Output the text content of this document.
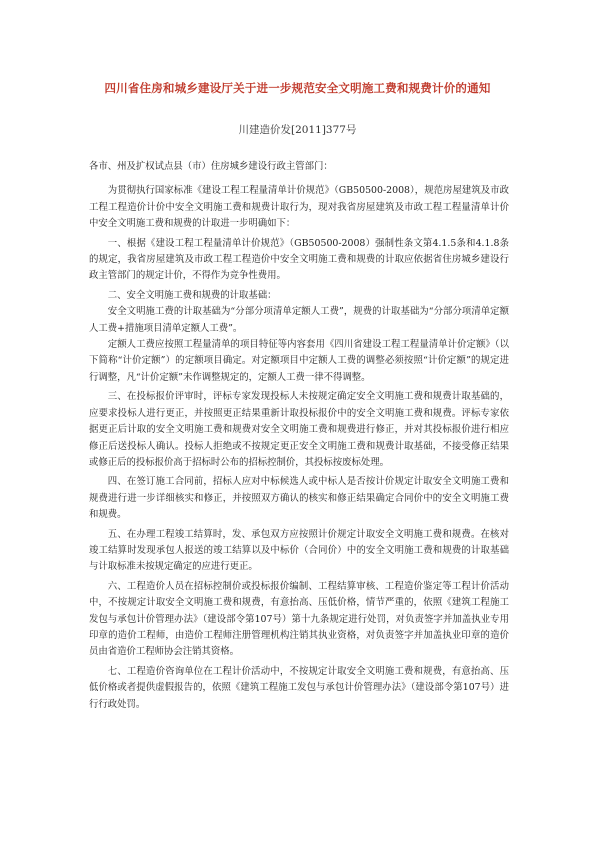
四川省住房和城乡建设厅关于进一步规范安全文明施工费和规费计价的通知
川建造价发[2011]377号

各市、州及扩权试点县（市）住房城乡建设行政主管部门：

为贯彻执行国家标准《建设工程工程量清单计价规范》（GB50500-2008），规范房屋建筑及市政工程工程造价计价中安全文明施工费和规费计取行为，现对我省房屋建筑及市政工程工程量清单计价中安全文明施工费和规费的计取进一步明确如下：

一、根据《建设工程工程量清单计价规范》（GB50500-2008）强制性条文第4.1.5条和4.1.8条的规定，我省房屋建筑及市政工程工程造价中安全文明施工费和规费的计取应依据省住房城乡建设行政主管部门的规定计价，不得作为竞争性费用。

二、安全文明施工费和规费的计取基础：

安全文明施工费的计取基础为“分部分项清单定额人工费”，规费的计取基础为“分部分项清单定额人工费+措施项目清单定额人工费”。

定额人工费应按照工程量清单的项目特征等内容套用《四川省建设工程工程量清单计价定额》（以下简称“计价定额”）的定额项目确定。对定额项目中定额人工费的调整必须按照“计价定额”的规定进行调整，凡“计价定额”未作调整规定的，定额人工费一律不得调整。

三、在投标报价评审时，评标专家发现投标人未按规定确定安全文明施工费和规费计取基础的，应要求投标人进行更正，并按照更正结果重新计取投标报价中的安全文明施工费和规费。评标专家依据更正后计取的安全文明施工费和规费对安全文明施工费和规费进行修正，并对其投标报价进行相应修正后送投标人确认。投标人拒绝或不按规定更正安全文明施工费和规费计取基础，不接受修正结果或修正后的投标报价高于招标时公布的招标控制价，其投标按废标处理。

四、在签订施工合同前，招标人应对中标候选人或中标人是否按计价规定计取安全文明施工费和规费进行进一步详细核实和修正，并按照双方确认的核实和修正结果确定合同价中的安全文明施工费和规费。

五、在办理工程竣工结算时，发、承包双方应按照计价规定计取安全文明施工费和规费。在核对竣工结算时发现承包人报送的竣工结算以及中标价（合同价）中的安全文明施工费和规费的计取基础与计取标准未按规定确定的应进行更正。

六、工程造价人员在招标控制价或投标报价编制、工程结算审核、工程造价鉴定等工程计价活动中，不按规定计取安全文明施工费和规费，有意抬高、压低价格，情节严重的，依照《建筑工程施工发包与承包计价管理办法》（建设部令第107号）第十九条规定进行处罚，对负责签字并加盖执业专用印章的造价工程师，由造价工程师注册管理机构注销其执业资格，对负责签字并加盖执业印章的造价员由省造价工程师协会注销其资格。

七、工程造价咨询单位在工程计价活动中，不按规定计取安全文明施工费和规费，有意抬高、压低价格或者提供虚假报告的，依照《建筑工程施工发包与承包计价管理办法》（建设部令第107号）进行行政处罚。
